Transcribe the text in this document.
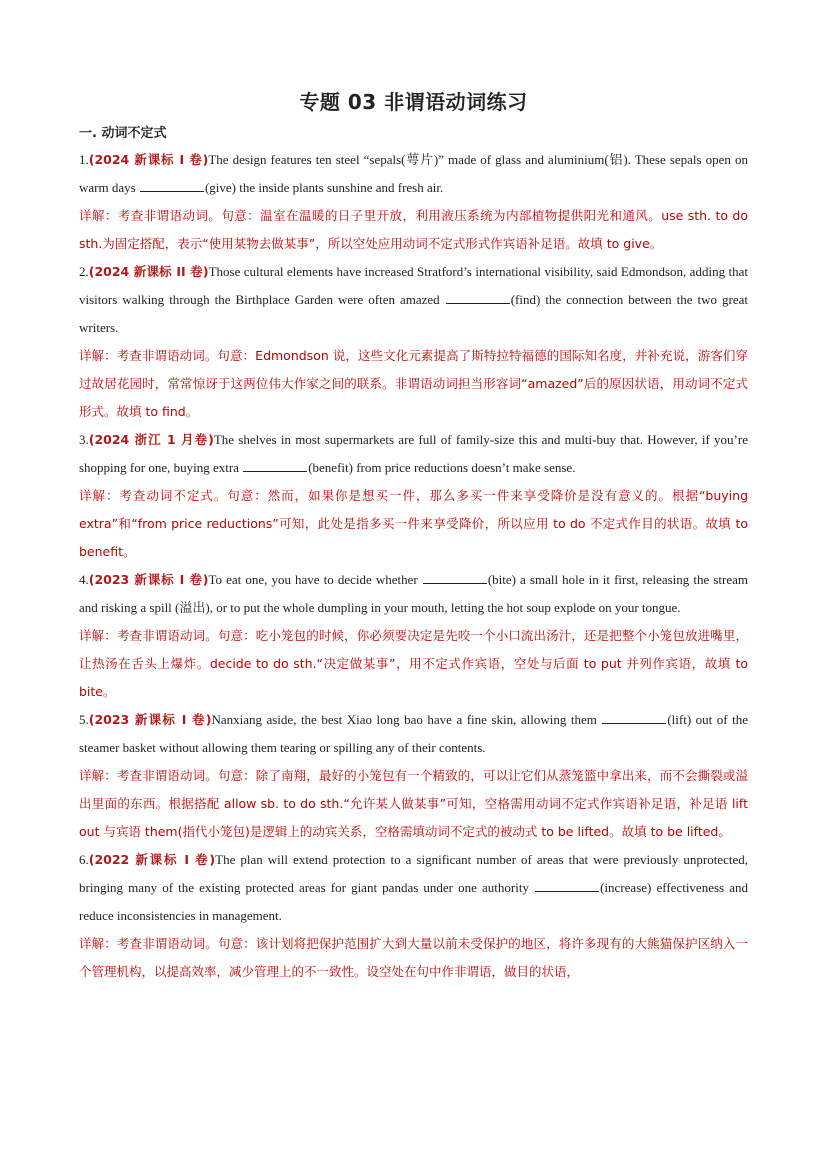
专题 03 非谓语动词练习
一. 动词不定式

1.(2024 新课标 I 卷)The design features ten steel “sepals(萼片)” made of glass and aluminium(铝). These sepals open on warm days	(give) the inside plants sunshine and fresh air.

详解：考查非谓语动词。句意：温室在温暖的日子里开放，利用液压系统为内部植物提供阳光和通风。use sth. to do sth.为固定搭配，表示“使用某物去做某事”，所以空处应用动词不定式形式作宾语补足语。故填 to give。

2.(2024 新课标 II 卷)Those cultural elements have increased Stratford’s international visibility, said Edmondson, adding that visitors walking through the Birthplace Garden were often amazed	(find) the connection between the two great writers.

详解：考查非谓语动词。句意：Edmondson 说，这些文化元素提高了斯特拉特福德的国际知名度，并补充说，游客们穿过故居花园时，常常惊讶于这两位伟大作家之间的联系。非谓语动词担当形容词“amazed”后的原因状语，用动词不定式形式。故填 to find。

3.(2024 浙江 1 月卷)The shelves in most supermarkets are full of family-size this and multi-buy that. However, if you’re shopping for one, buying extra	(benefit) from price reductions doesn’t make sense.

详解：考查动词不定式。句意：然而，如果你是想买一件，那么多买一件来享受降价是没有意义的。根据“buying extra”和“from price reductions”可知，此处是指多买一件来享受降价，所以应用 to do 不定式作目的状语。故填 to benefit。

4.(2023 新课标 I 卷)To eat one, you have to decide whether	(bite) a small hole in it first, releasing the stream and risking a spill (溢出), or to put the whole dumpling in your mouth, letting the hot soup explode on your tongue.

详解：考查非谓语动词。句意：吃小笼包的时候，你必须要决定是先咬一个小口流出汤汁，还是把整个小笼包放进嘴里，让热汤在舌头上爆炸。decide to do sth.“决定做某事”，用不定式作宾语，空处与后面 to put 并列作宾语，故填 to bite。

5.(2023 新课标 I 卷)Nanxiang aside, the best Xiao long bao have a fine skin, allowing them	(lift) out of the steamer basket without allowing them tearing or spilling any of their contents.

详解：考查非谓语动词。句意：除了南翔，最好的小笼包有一个精致的，可以让它们从蒸笼篮中拿出来，而不会撕裂或溢出里面的东西。根据搭配 allow sb. to do sth.“允许某人做某事”可知，空格需用动词不定式作宾语补足语，补足语 lift out 与宾语 them(指代小笼包)是逻辑上的动宾关系，空格需填动词不定式的被动式 to be lifted。故填 to be lifted。

6.(2022 新课标 I 卷)The plan will extend protection to a significant number of areas that were previously unprotected, bringing many of the existing protected areas for giant pandas under one authority	(increase) effectiveness and reduce inconsistencies in management.

详解：考查非谓语动词。句意：该计划将把保护范围扩大到大量以前未受保护的地区，将许多现有的大熊猫保护区纳入一个管理机构，以提高效率，减少管理上的不一致性。设空处在句中作非谓语，做目的状语，
